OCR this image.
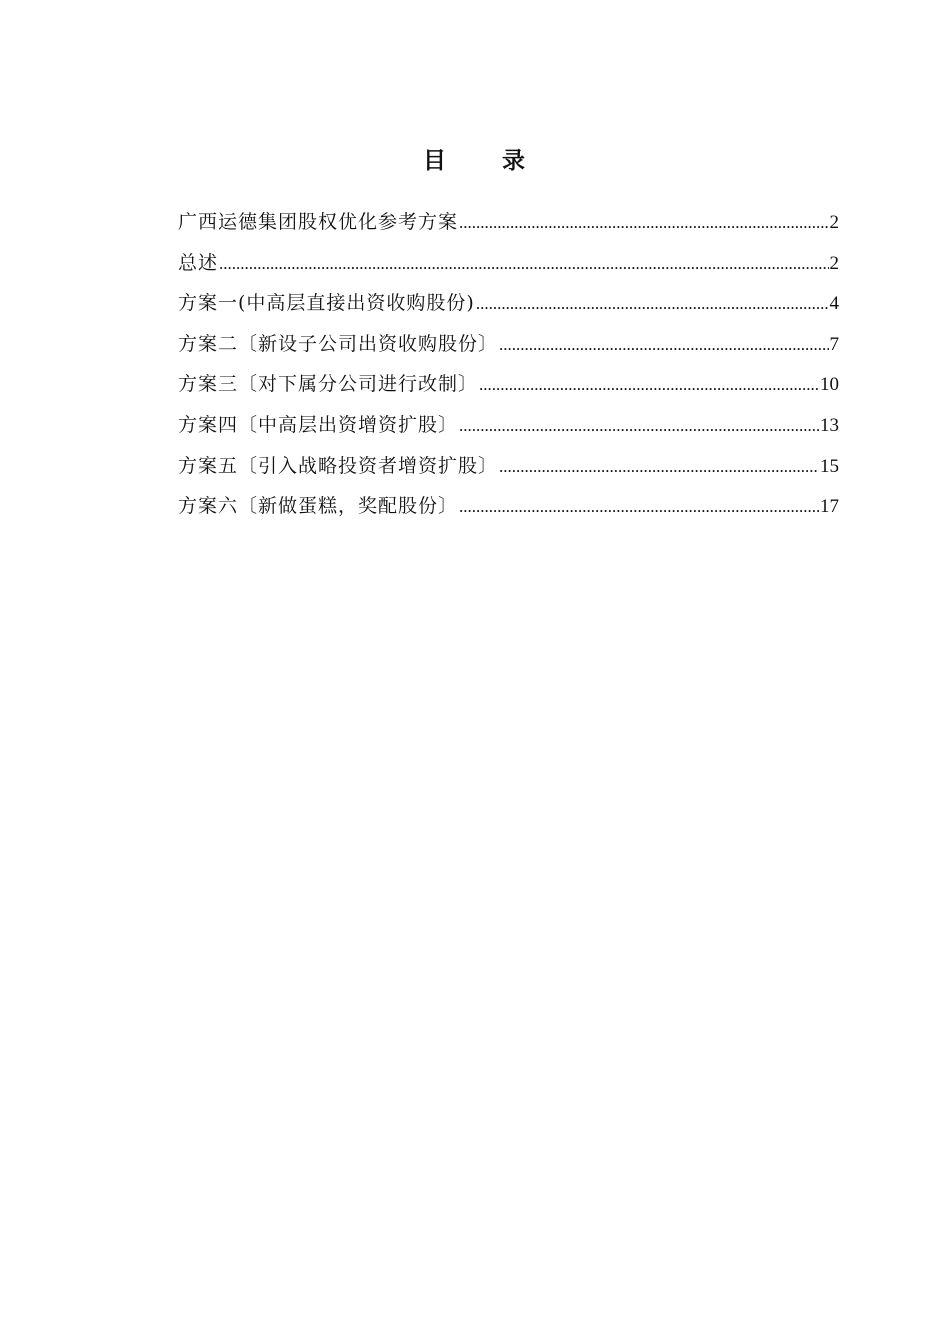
目 录
广西运德集团股权优化参考方案 .....	2
总述 .....	2
方案一(中高层直接出资收购股份) .....	4
方案二〔新设子公司出资收购股份〕 .....	7
方案三〔对下属分公司进行改制〕 .....	10
方案四〔中高层出资增资扩股〕 .....	13
方案五〔引入战略投资者增资扩股〕 .....	15
方案六〔新做蛋糕，奖配股份〕 .....	17
